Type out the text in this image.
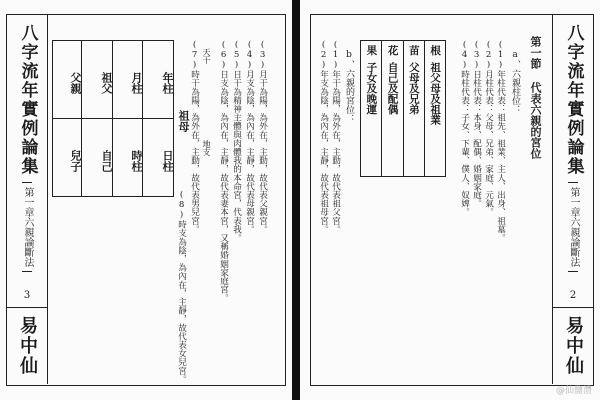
八字流年實例論集
第一章六親論斷法
3
易中仙
年柱
月柱
日柱
時柱
祖父
父親
自己
兒子
祖母
天干
地支	(3)月干為陽，為外在，主動，故代表父親宮。
(4)月支為陰，為內在，主靜，故代表母親宮。
(5)日干為精神主體與肉體我的本命宮，代表我。
(6)日支為陰，為內在，主靜，故代表妻本宮，又稱婚姻家庭宮。
(7)時干為陽，為外在，主動，故代表男兒宮。
(8)時支為陰，為內在，主靜，故代表女兒宮。
八字流年實例論集
第一章六親論斷法
2
易中仙
第一節 代表六親的宮位
a、六親柱位：
(1)年柱代表：祖先、祖業、主人、出身、祖墓。
(2)月柱代表：父母、兄弟、家庭、元氣。
(3)日柱代表：本身、配偶、婚姻家庭。
(4)時柱代表：子女、下輩、僕人、奴婢。
根
祖父母及祖業
苗
父母及兄弟
花
自己及配偶
果
子女及晚運
b、六親的宮位：
(1)年干為陽，為外在，主動，故代表祖父宮。
(2)年支為陰，為內在，主靜，故代表祖母宮。
@仙鹽灃
